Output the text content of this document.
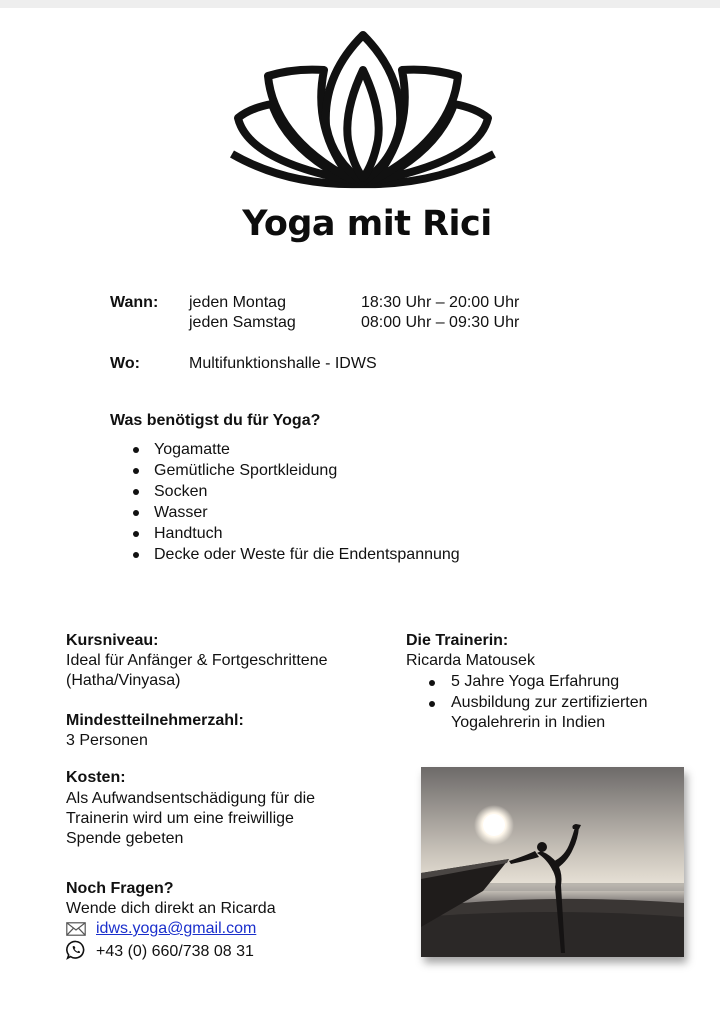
Yoga mit Rici
Wann: jeden Montag	18:30 Uhr – 20:00 Uhr
jeden Samstag	08:00 Uhr – 09:30 Uhr
Wo:	Multifunktionshalle - IDWS
Was benötigst du für Yoga?
Yogamatte
Gemütliche Sportkleidung
Socken
Wasser
Handtuch
Decke oder Weste für die Endentspannung
Kursniveau:
Ideal für Anfänger & Fortgeschrittene
(Hatha/Vinyasa)
Mindestteilnehmerzahl:
3 Personen
Kosten:
Als Aufwandsentschädigung für die
Trainerin wird um eine freiwillige
Spende gebeten
Noch Fragen?
Wende dich direkt an Ricarda
idws.yoga@gmail.com
+43 (0) 660/738 08 31
Die Trainerin:
Ricarda Matousek
5 Jahre Yoga Erfahrung
Ausbildung zur zertifizierten
Yogalehrerin in Indien
